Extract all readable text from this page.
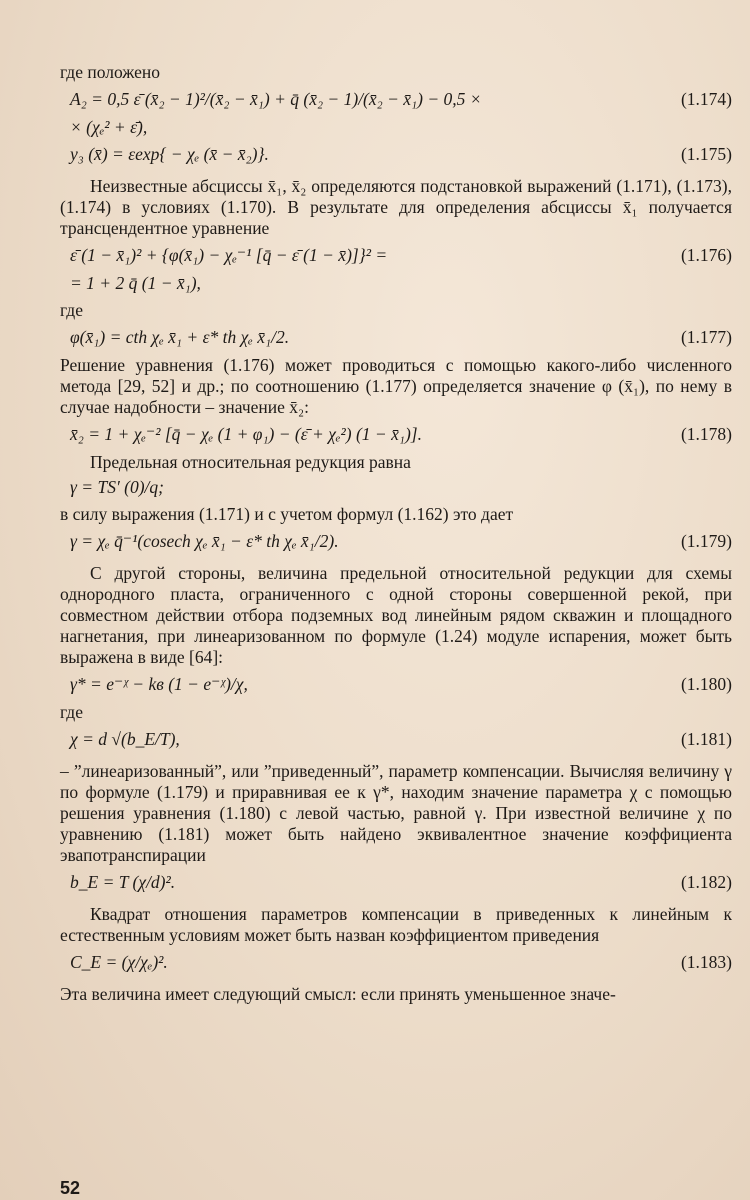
где положено

A₂ = 0,5 ε̄ (x̄₂ − 1)²/(x̄₂ − x̄₁) + q̄ (x̄₂ − 1)/(x̄₂ − x̄₁) − 0,5 ×	(1.174)
× (χₑ² + ε̄),
y₃ (x̄) = εexp{ − χₑ (x̄ − x̄₂)}.	(1.175)

Неизвестные абсциссы x̄₁, x̄₂ определяются подстановкой выражений (1.171), (1.173), (1.174) в условиях (1.170). В результате для определения абсциссы x̄₁ получается трансцендентное уравнение

ε̄ (1 − x̄₁)² + {φ(x̄₁) − χₑ⁻¹ [q̄ − ε̄ (1 − x̄)]}² =	(1.176)
= 1 + 2 q̄ (1 − x̄₁),

где

φ(x̄₁) = cth χₑ x̄₁ + ε* th χₑ x̄₁/2.	(1.177)

Решение уравнения (1.176) может проводиться с помощью какого-либо численного метода [29, 52] и др.; по соотношению (1.177) определяется значение φ (x̄₁), по нему в случае надобности – значение x̄₂:

x̄₂ = 1 + χₑ⁻² [q̄ − χₑ (1 + φ₁) − (ε̄ + χₑ²) (1 − x̄₁)].	(1.178)

Предельная относительная редукция равна

γ = TS′ (0)/q;

в силу выражения (1.171) и с учетом формул (1.162) это дает

γ = χₑ q̄⁻¹(cosech χₑ x̄₁ − ε* th χₑ x̄₁/2).	(1.179)

С другой стороны, величина предельной относительной редукции для схемы однородного пласта, ограниченного с одной стороны совершенной рекой, при совместном действии отбора подземных вод линейным рядом скважин и площадного нагнетания, при линеаризованном по формуле (1.24) модуле испарения, может быть выражена в виде [64]:

γ* = e⁻ᵡ − kв (1 − e⁻ᵡ)/χ,	(1.180)

где

χ = d √(b_E/T),	(1.181)

– ”линеаризованный”, или ”приведенный”, параметр компенсации. Вычисляя величину γ по формуле (1.179) и приравнивая ее к γ*, находим значение параметра χ с помощью решения уравнения (1.180) с левой частью, равной γ. При известной величине χ по уравнению (1.181) может быть найдено эквивалентное значение коэффициента эвапотранспирации

b_E = T (χ/d)².	(1.182)

Квадрат отношения параметров компенсации в приведенных к линейным к естественным условиям может быть назван коэффициентом приведения

C_E = (χ/χₑ)².	(1.183)

Эта величина имеет следующий смысл: если принять уменьшенное значе-

52
